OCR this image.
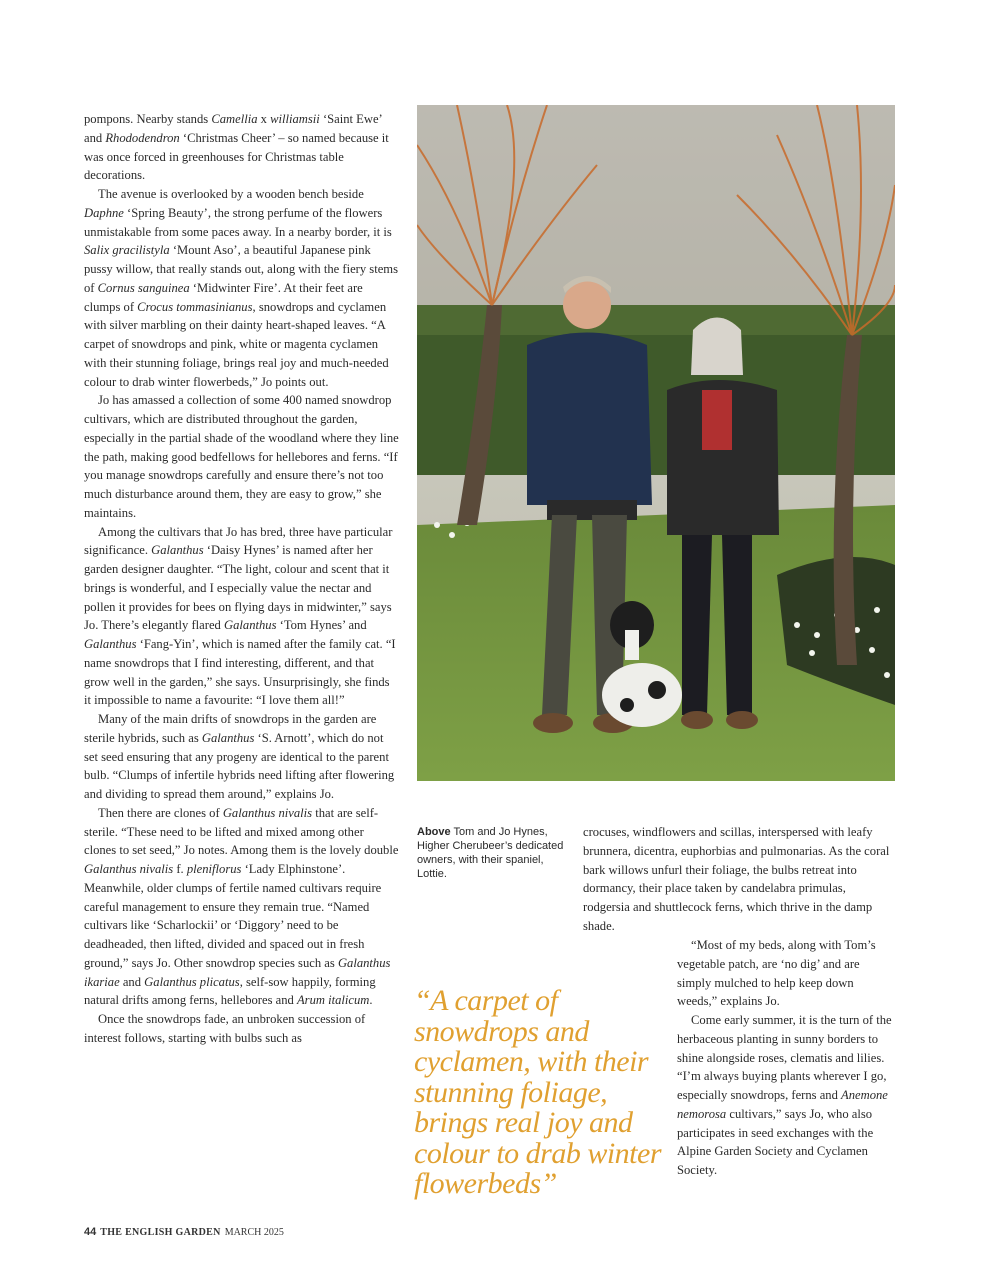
pompons. Nearby stands Camellia x williamsii ‘Saint Ewe’ and Rhododendron ‘Christmas Cheer’ – so named because it was once forced in greenhouses for Christmas table decorations.

The avenue is overlooked by a wooden bench beside Daphne ‘Spring Beauty’, the strong perfume of the flowers unmistakable from some paces away. In a nearby border, it is Salix gracilistyla ‘Mount Aso’, a beautiful Japanese pink pussy willow, that really stands out, along with the fiery stems of Cornus sanguinea ‘Midwinter Fire’. At their feet are clumps of Crocus tommasinianus, snowdrops and cyclamen with silver marbling on their dainty heart-shaped leaves. “A carpet of snowdrops and pink, white or magenta cyclamen with their stunning foliage, brings real joy and much-needed colour to drab winter flowerbeds,” Jo points out.

Jo has amassed a collection of some 400 named snowdrop cultivars, which are distributed throughout the garden, especially in the partial shade of the woodland where they line the path, making good bedfellows for hellebores and ferns. “If you manage snowdrops carefully and ensure there’s not too much disturbance around them, they are easy to grow,” she maintains.

Among the cultivars that Jo has bred, three have particular significance. Galanthus ‘Daisy Hynes’ is named after her garden designer daughter. “The light, colour and scent that it brings is wonderful, and I especially value the nectar and pollen it provides for bees on flying days in midwinter,” says Jo. There’s elegantly flared Galanthus ‘Tom Hynes’ and Galanthus ‘Fang-Yin’, which is named after the family cat. “I name snowdrops that I find interesting, different, and that grow well in the garden,” she says. Unsurprisingly, she finds it impossible to name a favourite: “I love them all!”

Many of the main drifts of snowdrops in the garden are sterile hybrids, such as Galanthus ‘S. Arnott’, which do not set seed ensuring that any progeny are identical to the parent bulb. “Clumps of infertile hybrids need lifting after flowering and dividing to spread them around,” explains Jo.

Then there are clones of Galanthus nivalis that are self-sterile. “These need to be lifted and mixed among other clones to set seed,” Jo notes. Among them is the lovely double Galanthus nivalis f. pleniflorus ‘Lady Elphinstone’. Meanwhile, older clumps of fertile named cultivars require careful management to ensure they remain true. “Named cultivars like ‘Scharlockii’ or ‘Diggory’ need to be deadheaded, then lifted, divided and spaced out in fresh ground,” says Jo. Other snowdrop species such as Galanthus ikariae and Galanthus plicatus, self-sow happily, forming natural drifts among ferns, hellebores and Arum italicum.

Once the snowdrops fade, an unbroken succession of interest follows, starting with bulbs such as

Above Tom and Jo Hynes, Higher Cherubeer’s dedicated owners, with their spaniel, Lottie.

crocuses, windflowers and scillas, interspersed with leafy brunnera, dicentra, euphorbias and pulmonarias. As the coral bark willows unfurl their foliage, the bulbs retreat into dormancy, their place taken by candelabra primulas, rodgersia and shuttlecock ferns, which thrive in the damp shade.

“A carpet of snowdrops and cyclamen, with their stunning foliage, brings real joy and colour to drab winter flowerbeds”

“Most of my beds, along with Tom’s vegetable patch, are ‘no dig’ and are simply mulched to help keep down weeds,” explains Jo.

Come early summer, it is the turn of the herbaceous planting in sunny borders to shine alongside roses, clematis and lilies. “I’m always buying plants wherever I go, especially snowdrops, ferns and Anemone nemorosa cultivars,” says Jo, who also participates in seed exchanges with the Alpine Garden Society and Cyclamen Society.

44 THE ENGLISH GARDEN MARCH 2025
